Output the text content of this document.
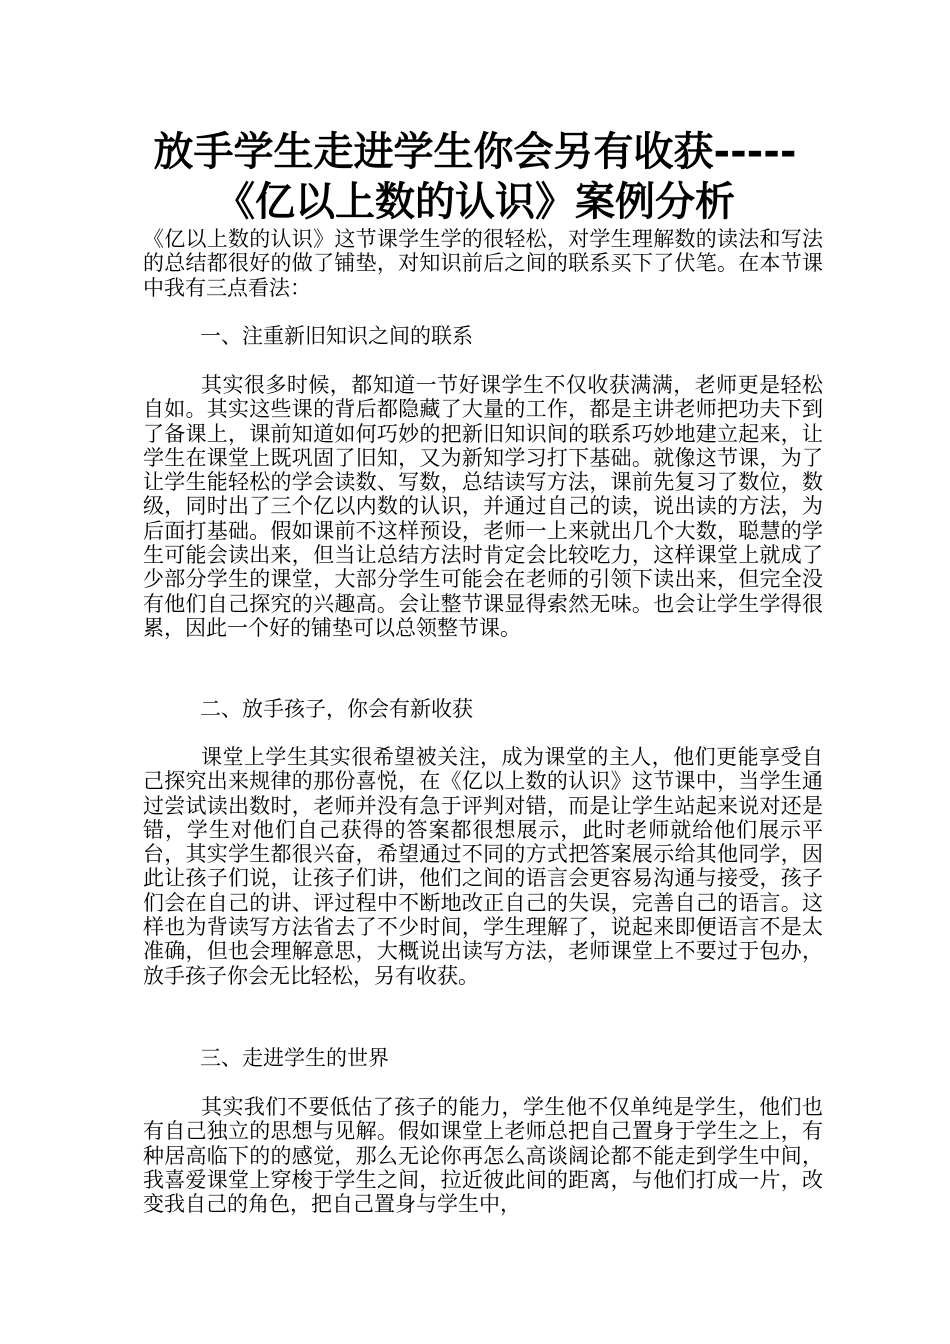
放手学生走进学生你会另有收获-----
《亿以上数的认识》案例分析
《亿以上数的认识》这节课学生学的很轻松，对学生理解数的读法和写法的总结都很好的做了铺垫，对知识前后之间的联系买下了伏笔。在本节课中我有三点看法：
一、注重新旧知识之间的联系
其实很多时候，都知道一节好课学生不仅收获满满，老师更是轻松自如。其实这些课的背后都隐藏了大量的工作，都是主讲老师把功夫下到了备课上，课前知道如何巧妙的把新旧知识间的联系巧妙地建立起来，让学生在课堂上既巩固了旧知，又为新知学习打下基础。就像这节课，为了让学生能轻松的学会读数、写数，总结读写方法，课前先复习了数位，数级，同时出了三个亿以内数的认识，并通过自己的读，说出读的方法，为后面打基础。假如课前不这样预设，老师一上来就出几个大数，聪慧的学生可能会读出来，但当让总结方法时肯定会比较吃力，这样课堂上就成了少部分学生的课堂，大部分学生可能会在老师的引领下读出来，但完全没有他们自己探究的兴趣高。会让整节课显得索然无味。也会让学生学得很累，因此一个好的铺垫可以总领整节课。
二、放手孩子，你会有新收获
课堂上学生其实很希望被关注，成为课堂的主人，他们更能享受自己探究出来规律的那份喜悦，在《亿以上数的认识》这节课中，当学生通过尝试读出数时，老师并没有急于评判对错，而是让学生站起来说对还是错，学生对他们自己获得的答案都很想展示，此时老师就给他们展示平台，其实学生都很兴奋，希望通过不同的方式把答案展示给其他同学，因此让孩子们说，让孩子们讲，他们之间的语言会更容易沟通与接受，孩子们会在自己的讲、评过程中不断地改正自己的失误，完善自己的语言。这样也为背读写方法省去了不少时间，学生理解了，说起来即便语言不是太准确，但也会理解意思，大概说出读写方法，老师课堂上不要过于包办，放手孩子你会无比轻松，另有收获。
三、走进学生的世界
其实我们不要低估了孩子的能力，学生他不仅单纯是学生，他们也有自己独立的思想与见解。假如课堂上老师总把自己置身于学生之上，有种居高临下的的感觉，那么无论你再怎么高谈阔论都不能走到学生中间，我喜爱课堂上穿梭于学生之间，拉近彼此间的距离，与他们打成一片，改变我自己的角色，把自己置身与学生中，
